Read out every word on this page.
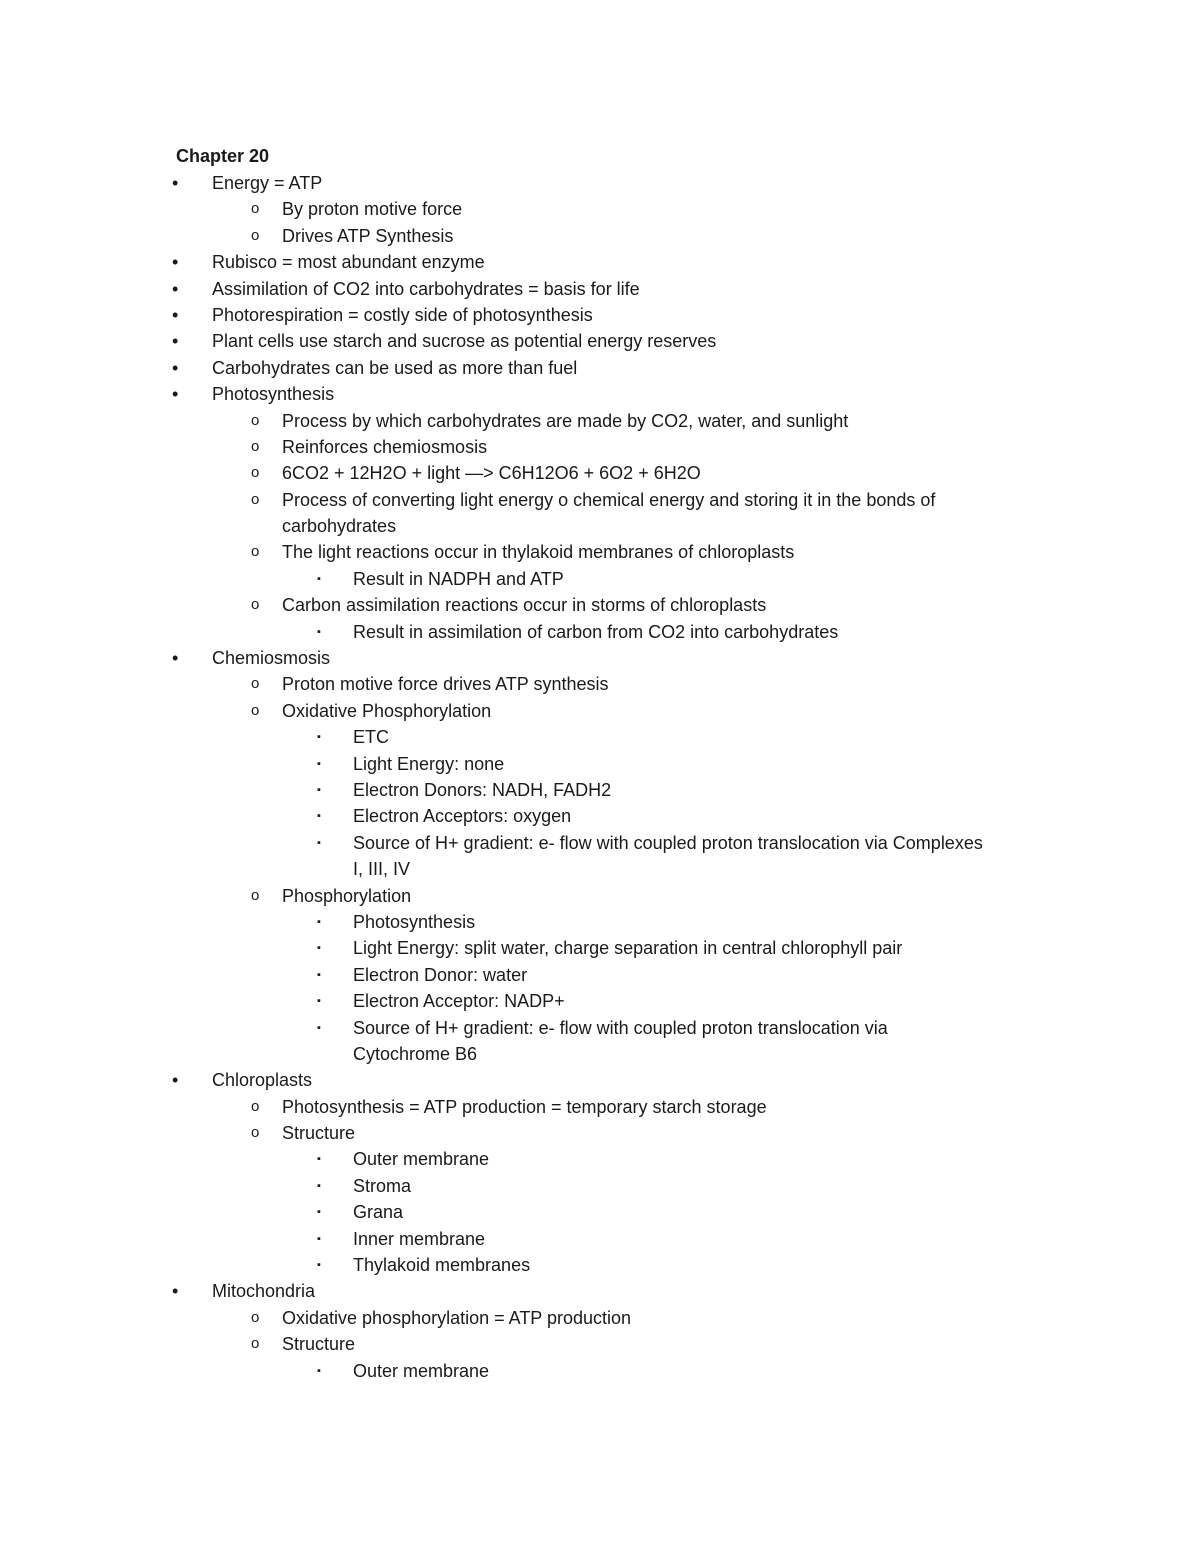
Chapter 20
• Energy = ATP
o By proton motive force
o Drives ATP Synthesis
• Rubisco = most abundant enzyme
• Assimilation of CO2 into carbohydrates = basis for life
• Photorespiration = costly side of photosynthesis
• Plant cells use starch and sucrose as potential energy reserves
• Carbohydrates can be used as more than fuel
• Photosynthesis
o Process by which carbohydrates are made by CO2, water, and sunlight
o Reinforces chemiosmosis
o 6CO2 + 12H2O + light —> C6H12O6 + 6O2 + 6H2O
o Process of converting light energy o chemical energy and storing it in the bonds of
carbohydrates
o The light reactions occur in thylakoid membranes of chloroplasts
▪ Result in NADPH and ATP
o Carbon assimilation reactions occur in storms of chloroplasts
▪ Result in assimilation of carbon from CO2 into carbohydrates
• Chemiosmosis
o Proton motive force drives ATP synthesis
o Oxidative Phosphorylation
▪ ETC
▪ Light Energy: none
▪ Electron Donors: NADH, FADH2
▪ Electron Acceptors: oxygen
▪ Source of H+ gradient: e- flow with coupled proton translocation via Complexes
I, III, IV
o Phosphorylation
▪ Photosynthesis
▪ Light Energy: split water, charge separation in central chlorophyll pair
▪ Electron Donor: water
▪ Electron Acceptor: NADP+
▪ Source of H+ gradient: e- flow with coupled proton translocation via
Cytochrome B6
• Chloroplasts
o Photosynthesis = ATP production = temporary starch storage
o Structure
▪ Outer membrane
▪ Stroma
▪ Grana
▪ Inner membrane
▪ Thylakoid membranes
• Mitochondria
o Oxidative phosphorylation = ATP production
o Structure
▪ Outer membrane
